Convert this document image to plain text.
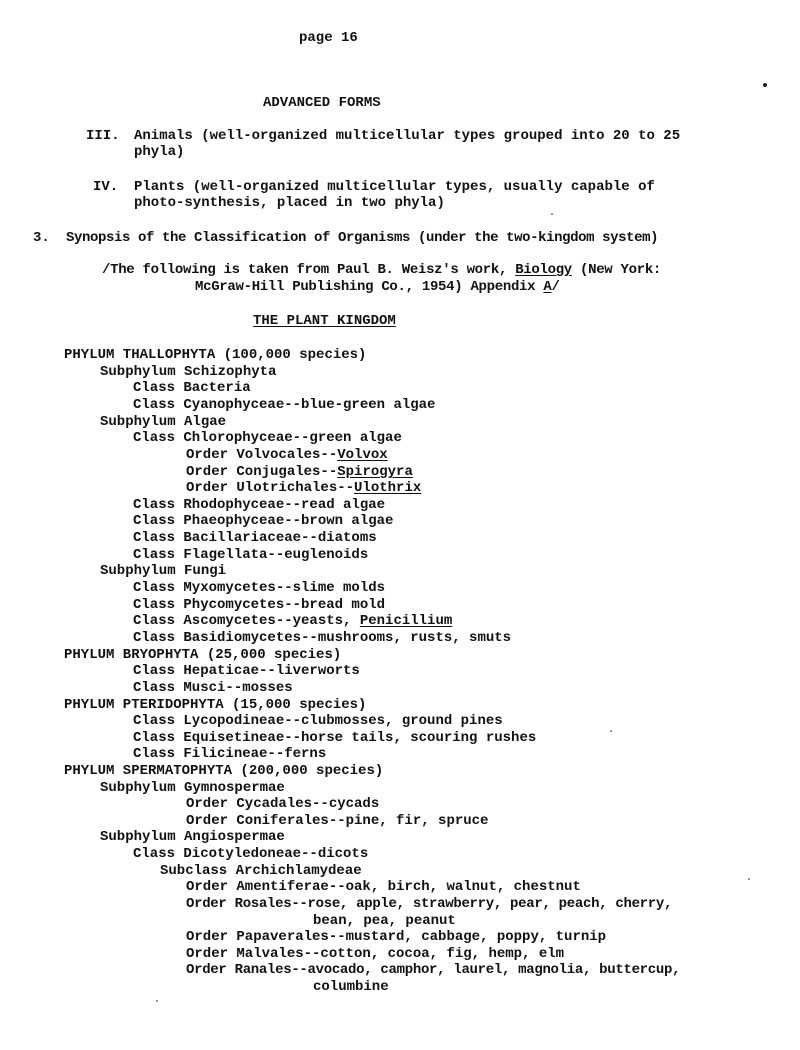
page 16
ADVANCED FORMS
III. Animals (well-organized multicellular types grouped into 20 to 25 phyla)
IV. Plants (well-organized multicellular types, usually capable of photo-synthesis, placed in two phyla)
3. Synopsis of the Classification of Organisms (under the two-kingdom system)
/The following is taken from Paul B. Weisz's work, Biology (New York:
McGraw-Hill Publishing Co., 1954) Appendix A/
THE PLANT KINGDOM
PHYLUM THALLOPHYTA (100,000 species)
Subphylum Schizophyta
Class Bacteria
Class Cyanophyceae--blue-green algae
Subphylum Algae
Class Chlorophyceae--green algae
Order Volvocales--Volvox
Order Conjugales--Spirogyra
Order Ulotrichales--Ulothrix
Class Rhodophyceae--read algae
Class Phaeophyceae--brown algae
Class Bacillariaceae--diatoms
Class Flagellata--euglenoids
Subphylum Fungi
Class Myxomycetes--slime molds
Class Phycomycetes--bread mold
Class Ascomycetes--yeasts, Penicillium
Class Basidiomycetes--mushrooms, rusts, smuts
PHYLUM BRYOPHYTA (25,000 species)
Class Hepaticae--liverworts
Class Musci--mosses
PHYLUM PTERIDOPHYTA (15,000 species)
Class Lycopodineae--clubmosses, ground pines
Class Equisetineae--horse tails, scouring rushes
Class Filicineae--ferns
PHYLUM SPERMATOPHYTA (200,000 species)
Subphylum Gymnospermae
Order Cycadales--cycads
Order Coniferales--pine, fir, spruce
Subphylum Angiospermae
Class Dicotyledoneae--dicots
Subclass Archichlamydeae
Order Amentiferae--oak, birch, walnut, chestnut
Order Rosales--rose, apple, strawberry, pear, peach, cherry,
bean, pea, peanut
Order Papaverales--mustard, cabbage, poppy, turnip
Order Malvales--cotton, cocoa, fig, hemp, elm
Order Ranales--avocado, camphor, laurel, magnolia, buttercup,
columbine
